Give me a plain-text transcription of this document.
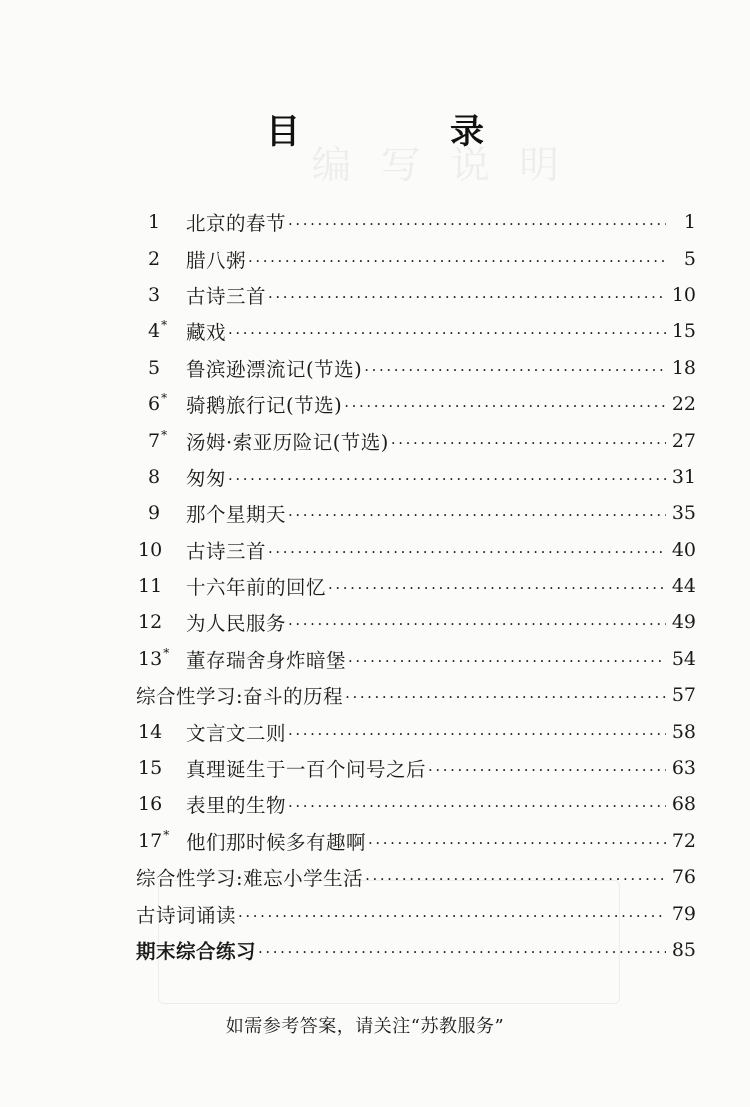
编写说明
目　录
1	北京的春节 ·····	1
2	腊八粥 ·····	5
3	古诗三首 ·····	10
4* 藏戏 ·····	15
5	鲁滨逊漂流记(节选) ·····	18
6* 骑鹅旅行记(节选) ·····	22
7* 汤姆·索亚历险记(节选) ·····	27
8	匆匆 ·····	31
9	那个星期天 ·····	35
10	古诗三首 ·····	40
11	十六年前的回忆 ·····	44
12	为人民服务 ·····	49
13* 董存瑞舍身炸暗堡 ·····	54
综合性学习:奋斗的历程 ·····	57
14	文言文二则 ·····	58
15	真理诞生于一百个问号之后 ·····	63
16	表里的生物 ·····	68
17* 他们那时候多有趣啊 ·····	72
综合性学习:难忘小学生活 ·····	76
古诗词诵读 ·····	79
期末综合练习 ·····	85
如需参考答案，请关注“苏教服务”
